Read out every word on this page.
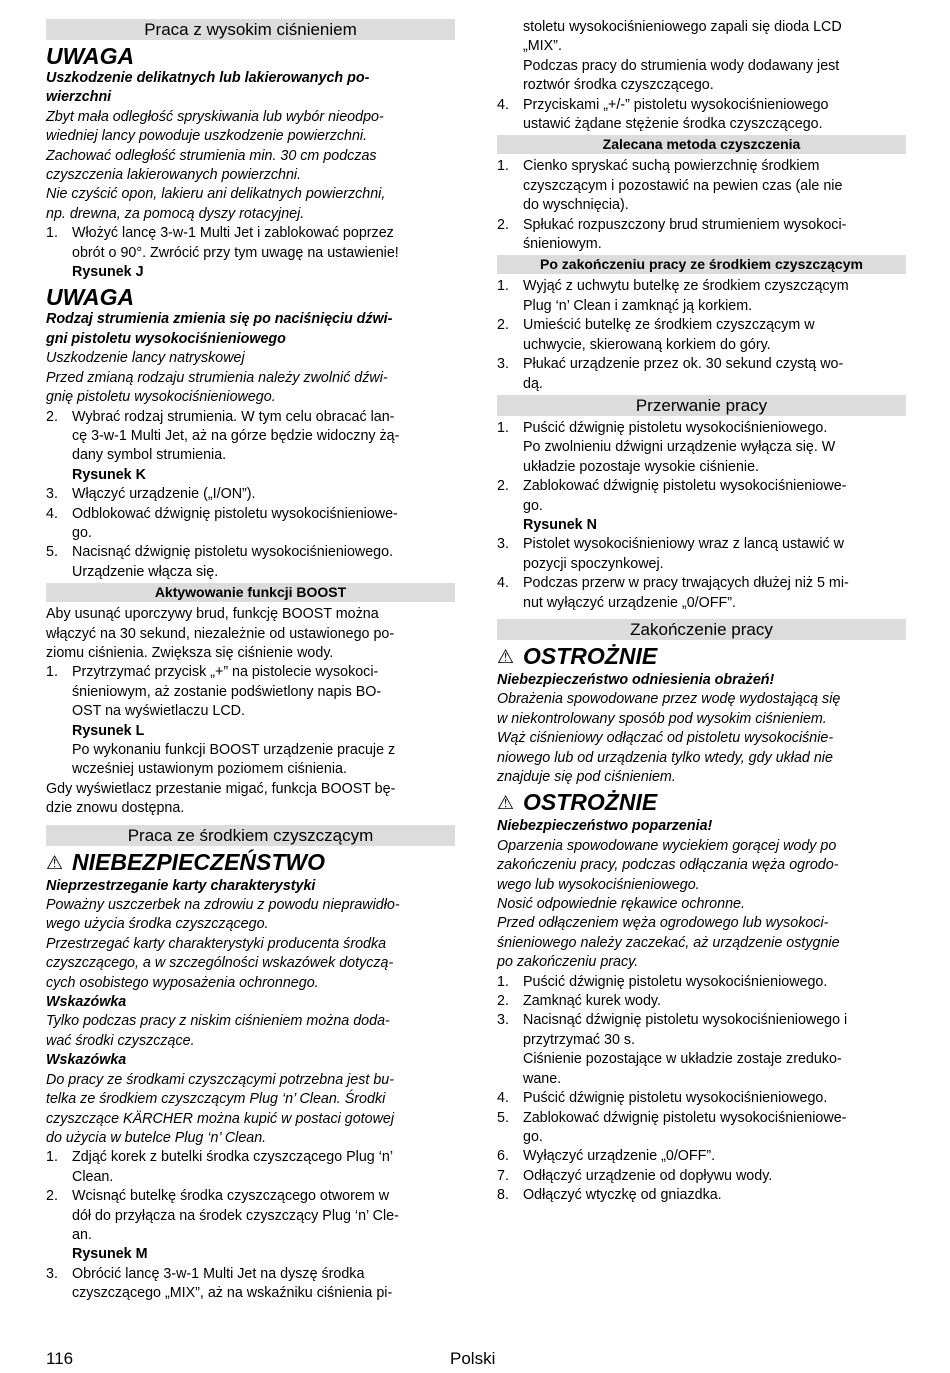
Praca z wysokim ciśnieniem
UWAGA

Uszkodzenie delikatnych lub lakierowanych po-

wierzchni

Zbyt mała odległość spryskiwania lub wybór nieodpo-

wiedniej lancy powoduje uszkodzenie powierzchni.

Zachować odległość strumienia min. 30 cm podczas

czyszczenia lakierowanych powierzchni.

Nie czyścić opon, lakieru ani delikatnych powierzchni,

np. drewna, za pomocą dyszy rotacyjnej.

1. Włożyć lancę 3-w-1 Multi Jet i zablokować poprzez

obrót o 90°. Zwrócić przy tym uwagę na ustawienie!

Rysunek J

UWAGA

Rodzaj strumienia zmienia się po naciśnięciu dźwi-

gni pistoletu wysokociśnieniowego

Uszkodzenie lancy natryskowej

Przed zmianą rodzaju strumienia należy zwolnić dźwi-

gnię pistoletu wysokociśnieniowego.

2. Wybrać rodzaj strumienia. W tym celu obracać lan-

cę 3-w-1 Multi Jet, aż na górze będzie widoczny żą-

dany symbol strumienia.

Rysunek K

3. Włączyć urządzenie („I/ON”).
4. Odblokować dźwignię pistoletu wysokociśnieniowe-

go.

5. Nacisnąć dźwignię pistoletu wysokociśnieniowego.

Urządzenie włącza się.

Aktywowanie funkcji BOOST

Aby usunąć uporczywy brud, funkcję BOOST można

włączyć na 30 sekund, niezależnie od ustawionego po-

ziomu ciśnienia. Zwiększa się ciśnienie wody.

1. Przytrzymać przycisk „+” na pistolecie wysokoci-

śnieniowym, aż zostanie podświetlony napis BO-

OST na wyświetlaczu LCD.

Rysunek L

Po wykonaniu funkcji BOOST urządzenie pracuje z

wcześniej ustawionym poziomem ciśnienia.

Gdy wyświetlacz przestanie migać, funkcja BOOST bę-

dzie znowu dostępna.

Praca ze środkiem czyszczącym
⚠ NIEBEZPIECZEŃSTWO

Nieprzestrzeganie karty charakterystyki

Poważny uszczerbek na zdrowiu z powodu nieprawidło-

wego użycia środka czyszczącego.

Przestrzegać karty charakterystyki producenta środka

czyszczącego, a w szczególności wskazówek dotyczą-

cych osobistego wyposażenia ochronnego.

Wskazówka

Tylko podczas pracy z niskim ciśnieniem można doda-

wać środki czyszczące.

Wskazówka

Do pracy ze środkami czyszczącymi potrzebna jest bu-

telka ze środkiem czyszczącym Plug ‘n’ Clean. Środki

czyszczące KÄRCHER można kupić w postaci gotowej

do użycia w butelce Plug ‘n’ Clean.

1. Zdjąć korek z butelki środka czyszczącego Plug ‘n’

Clean.

2. Wcisnąć butelkę środka czyszczącego otworem w

dół do przyłącza na środek czyszczący Plug ‘n’ Cle-

an.

Rysunek M

3. Obrócić lancę 3-w-1 Multi Jet na dyszę środka

czyszczącego „MIX”, aż na wskaźniku ciśnienia pi-

stoletu wysokociśnieniowego zapali się dioda LCD

„MIX”.

Podczas pracy do strumienia wody dodawany jest

roztwór środka czyszczącego.

4. Przyciskami „+/-” pistoletu wysokociśnieniowego

ustawić żądane stężenie środka czyszczącego.

Zalecana metoda czyszczenia
1. Cienko spryskać suchą powierzchnię środkiem

czyszczącym i pozostawić na pewien czas (ale nie

do wyschnięcia).

2. Spłukać rozpuszczony brud strumieniem wysokoci-

śnieniowym.

Po zakończeniu pracy ze środkiem czyszczącym
1. Wyjąć z uchwytu butelkę ze środkiem czyszczącym

Plug ‘n’ Clean i zamknąć ją korkiem.

2. Umieścić butelkę ze środkiem czyszczącym w

uchwycie, skierowaną korkiem do góry.

3. Płukać urządzenie przez ok. 30 sekund czystą wo-

dą.

Przerwanie pracy
1. Puścić dźwignię pistoletu wysokociśnieniowego.

Po zwolnieniu dźwigni urządzenie wyłącza się. W

układzie pozostaje wysokie ciśnienie.

2. Zablokować dźwignię pistoletu wysokociśnieniowe-

go.

Rysunek N

3. Pistolet wysokociśnieniowy wraz z lancą ustawić w

pozycji spoczynkowej.

4. Podczas przerw w pracy trwających dłużej niż 5 mi-

nut wyłączyć urządzenie „0/OFF”.

Zakończenie pracy
⚠ OSTROŻNIE

Niebezpieczeństwo odniesienia obrażeń!

Obrażenia spowodowane przez wodę wydostającą się

w niekontrolowany sposób pod wysokim ciśnieniem.

Wąż ciśnieniowy odłączać od pistoletu wysokociśnie-

niowego lub od urządzenia tylko wtedy, gdy układ nie

znajduje się pod ciśnieniem.

⚠ OSTROŻNIE

Niebezpieczeństwo poparzenia!

Oparzenia spowodowane wyciekiem gorącej wody po

zakończeniu pracy, podczas odłączania węża ogrodo-

wego lub wysokociśnieniowego.

Nosić odpowiednie rękawice ochronne.

Przed odłączeniem węża ogrodowego lub wysokoci-

śnieniowego należy zaczekać, aż urządzenie ostygnie

po zakończeniu pracy.

1. Puścić dźwignię pistoletu wysokociśnieniowego.
2. Zamknąć kurek wody.
3. Nacisnąć dźwignię pistoletu wysokociśnieniowego i

przytrzymać 30 s.

Ciśnienie pozostające w układzie zostaje zreduko-

wane.

4. Puścić dźwignię pistoletu wysokociśnieniowego.
5. Zablokować dźwignię pistoletu wysokociśnieniowe-

go.

6. Wyłączyć urządzenie „0/OFF”.
7. Odłączyć urządzenie od dopływu wody.
8. Odłączyć wtyczkę od gniazdka.
116	Polski
